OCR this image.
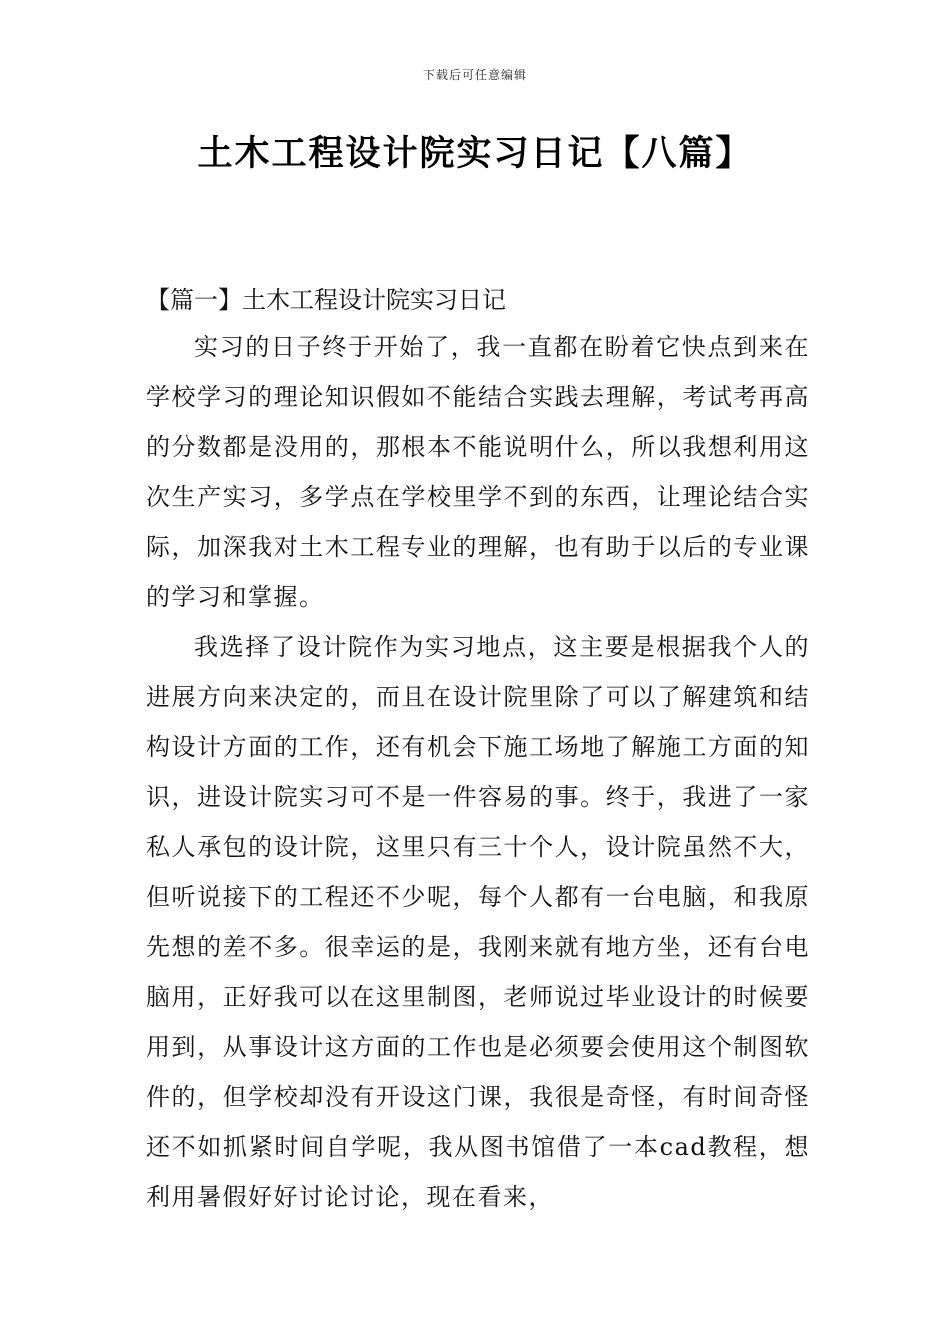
下载后可任意编辑
土木工程设计院实习日记【八篇】

【篇一】土木工程设计院实习日记

实习的日子终于开始了，我一直都在盼着它快点到来在学校学习的理论知识假如不能结合实践去理解，考试考再高的分数都是没用的，那根本不能说明什么，所以我想利用这次生产实习，多学点在学校里学不到的东西，让理论结合实际，加深我对土木工程专业的理解，也有助于以后的专业课的学习和掌握。

我选择了设计院作为实习地点，这主要是根据我个人的进展方向来决定的，而且在设计院里除了可以了解建筑和结构设计方面的工作，还有机会下施工场地了解施工方面的知识，进设计院实习可不是一件容易的事。终于，我进了一家私人承包的设计院，这里只有三十个人，设计院虽然不大，但听说接下的工程还不少呢，每个人都有一台电脑，和我原先想的差不多。很幸运的是，我刚来就有地方坐，还有台电脑用，正好我可以在这里制图，老师说过毕业设计的时候要用到，从事设计这方面的工作也是必须要会使用这个制图软件的，但学校却没有开设这门课，我很是奇怪，有时间奇怪还不如抓紧时间自学呢，我从图书馆借了一本cad教程，想利用暑假好好讨论讨论，现在看来，
